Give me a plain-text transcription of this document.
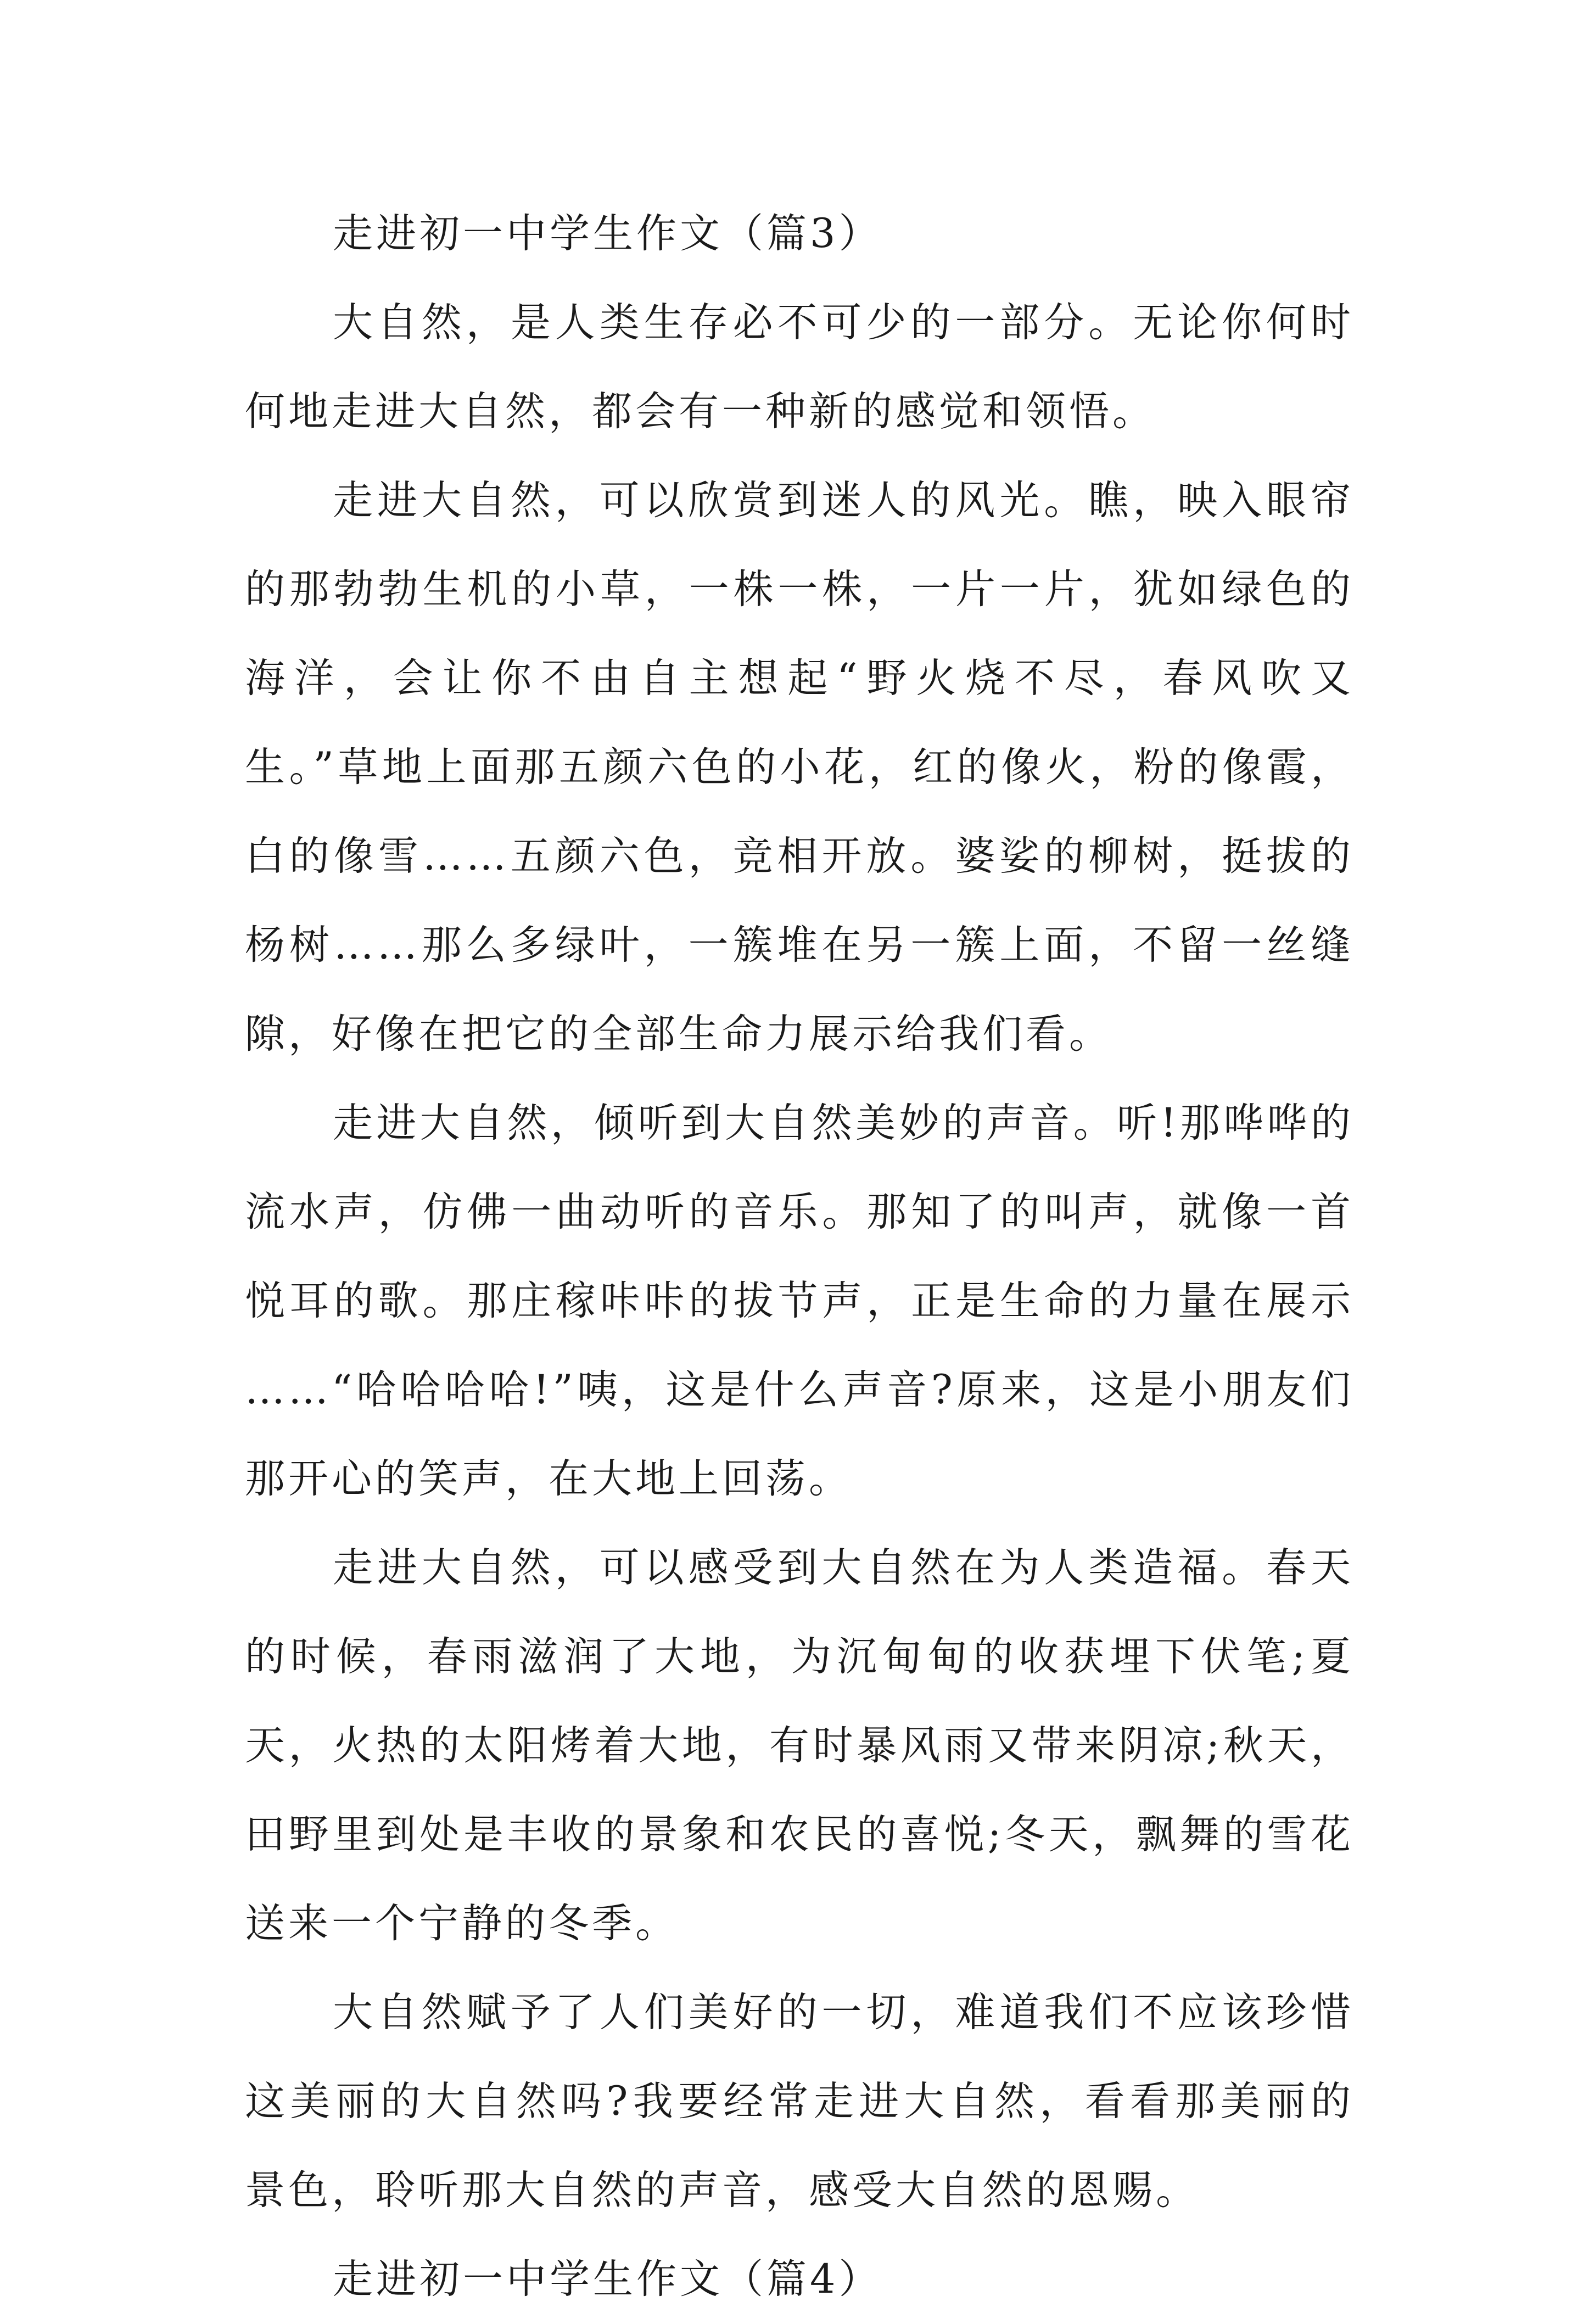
走进初一中学生作文（篇3）

大自然，是人类生存必不可少的一部分。无论你何时何地走进大自然，都会有一种新的感觉和领悟。

走进大自然，可以欣赏到迷人的风光。瞧，映入眼帘的那勃勃生机的小草，一株一株，一片一片，犹如绿色的海洋，会让你不由自主想起“野火烧不尽，春风吹又生。”草地上面那五颜六色的小花，红的像火，粉的像霞，白的像雪……五颜六色，竞相开放。婆娑的柳树，挺拔的杨树……那么多绿叶，一簇堆在另一簇上面，不留一丝缝隙，好像在把它的全部生命力展示给我们看。

走进大自然，倾听到大自然美妙的声音。听!那哗哗的流水声，仿佛一曲动听的音乐。那知了的叫声，就像一首悦耳的歌。那庄稼咔咔的拔节声，正是生命的力量在展示 ……“哈哈哈哈!”咦，这是什么声音?原来，这是小朋友们那开心的笑声，在大地上回荡。

走进大自然，可以感受到大自然在为人类造福。春天的时候，春雨滋润了大地，为沉甸甸的收获埋下伏笔;夏天，火热的太阳烤着大地，有时暴风雨又带来阴凉;秋天，田野里到处是丰收的景象和农民的喜悦;冬天，飘舞的雪花送来一个宁静的冬季。

大自然赋予了人们美好的一切，难道我们不应该珍惜这美丽的大自然吗?我要经常走进大自然，看看那美丽的景色，聆听那大自然的声音，感受大自然的恩赐。

走进初一中学生作文（篇4）
